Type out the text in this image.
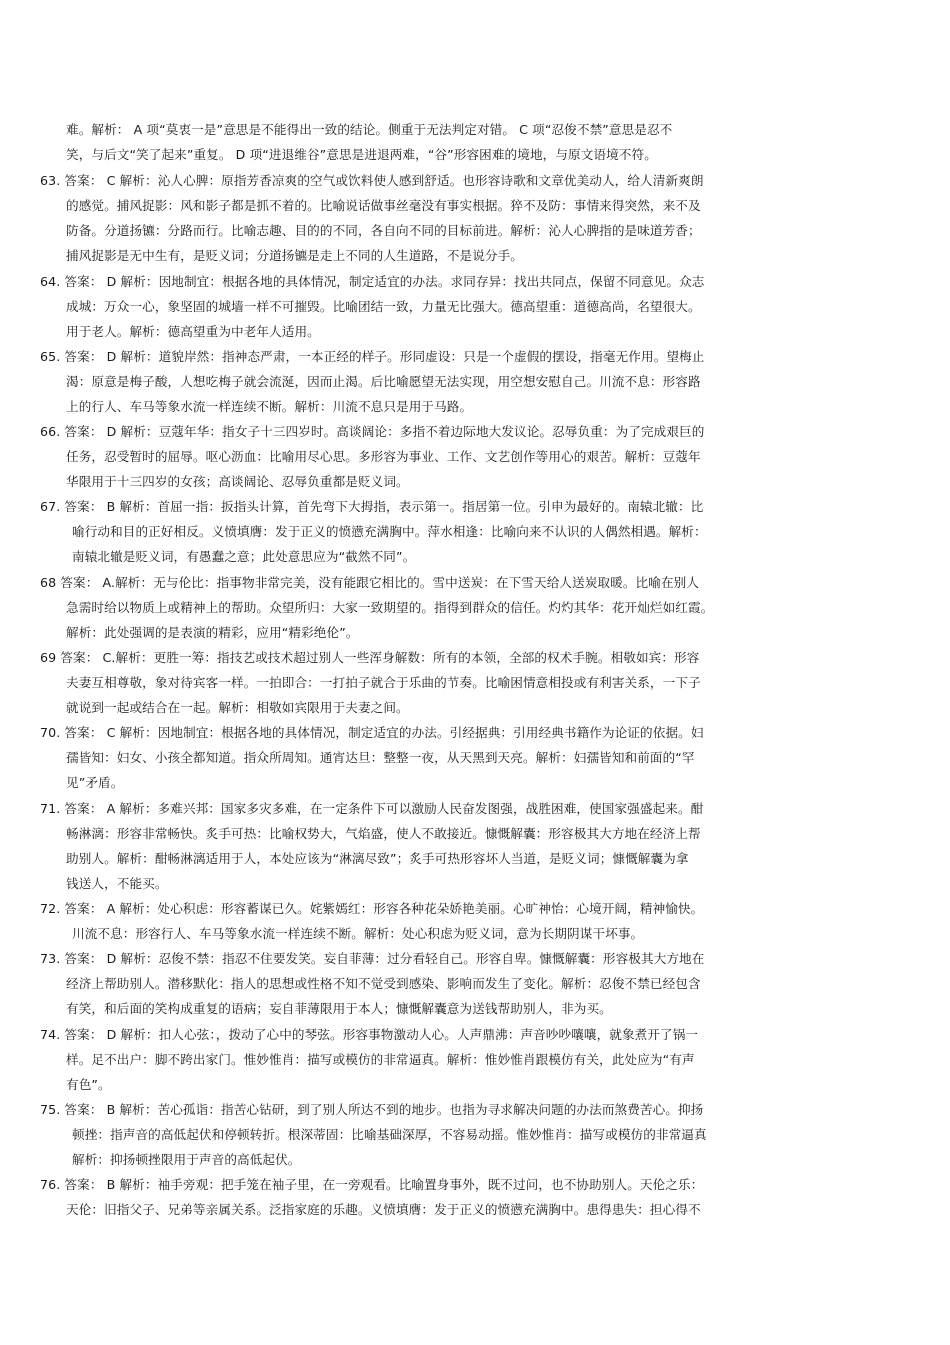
难。解析： A 项“莫衷一是”意思是不能得出一致的结论。侧重于无法判定对错。 C 项“忍俊不禁”意思是忍不
笑，与后文“笑了起来”重复。 D 项“进退维谷”意思是进退两难，“谷”形容困难的境地，与原文语境不符。
63. 答案： C 解析：沁人心脾：原指芳香凉爽的空气或饮料使人感到舒适。也形容诗歌和文章优美动人，给人清新爽朗
的感觉。捕风捉影：风和影子都是抓不着的。比喻说话做事丝毫没有事实根据。猝不及防：事情来得突然，来不及
防备。分道扬镳：分路而行。比喻志趣、目的的不同，各自向不同的目标前进。解析：沁人心脾指的是味道芳香；
捕风捉影是无中生有，是贬义词；分道扬镳是走上不同的人生道路，不是说分手。
64. 答案： D 解析：因地制宜：根据各地的具体情况，制定适宜的办法。求同存异：找出共同点，保留不同意见。众志
成城：万众一心，象坚固的城墙一样不可摧毁。比喻团结一致，力量无比强大。德高望重：道德高尚，名望很大。
用于老人。解析：德高望重为中老年人适用。
65. 答案： D 解析：道貌岸然：指神态严肃，一本正经的样子。形同虚设：只是一个虚假的摆设，指毫无作用。望梅止
渴：原意是梅子酸，人想吃梅子就会流涎，因而止渴。后比喻愿望无法实现，用空想安慰自己。川流不息：形容路
上的行人、车马等象水流一样连续不断。解析：川流不息只是用于马路。
66. 答案： D 解析：豆蔻年华：指女子十三四岁时。高谈阔论：多指不着边际地大发议论。忍辱负重：为了完成艰巨的
任务，忍受暂时的屈辱。呕心沥血：比喻用尽心思。多形容为事业、工作、文艺创作等用心的艰苦。解析：豆蔻年
华限用于十三四岁的女孩；高谈阔论、忍辱负重都是贬义词。
67. 答案： B 解析：首屈一指：扳指头计算，首先弯下大拇指，表示第一。指居第一位。引申为最好的。南辕北辙：比
喻行动和目的正好相反。义愤填膺：发于正义的愤懑充满胸中。萍水相逢：比喻向来不认识的人偶然相遇。解析：
南辕北辙是贬义词，有愚蠢之意；此处意思应为“截然不同”。
68 答案： A.解析：无与伦比：指事物非常完美，没有能跟它相比的。雪中送炭：在下雪天给人送炭取暖。比喻在别人
急需时给以物质上或精神上的帮助。众望所归：大家一致期望的。指得到群众的信任。灼灼其华：花开灿烂如红霞。
解析：此处强调的是表演的精彩，应用“精彩绝伦”。
69 答案： C.解析：更胜一筹：指技艺或技术超过别人一些浑身解数：所有的本领，全部的权术手腕。相敬如宾：形容
夫妻互相尊敬，象对待宾客一样。一拍即合：一打拍子就合于乐曲的节奏。比喻困情意相投或有利害关系，一下子
就说到一起或结合在一起。解析：相敬如宾限用于夫妻之间。
70. 答案： C 解析：因地制宜：根据各地的具体情况，制定适宜的办法。引经据典：引用经典书籍作为论证的依据。妇
孺皆知：妇女、小孩全都知道。指众所周知。通宵达旦：整整一夜，从天黑到天亮。解析：妇孺皆知和前面的“罕
见”矛盾。
71. 答案： A 解析：多难兴邦：国家多灾多难，在一定条件下可以激励人民奋发图强，战胜困难，使国家强盛起来。酣
畅淋漓：形容非常畅快。炙手可热：比喻权势大，气焰盛，使人不敢接近。慷慨解囊：形容极其大方地在经济上帮
助别人。解析：酣畅淋漓适用于人，本处应该为“淋漓尽致”；炙手可热形容坏人当道，是贬义词；慷慨解囊为拿
钱送人，不能买。
72. 答案： A 解析：处心积虑：形容蓄谋已久。姹紫嫣红：形容各种花朵娇艳美丽。心旷神怡：心境开阔，精神愉快。
川流不息：形容行人、车马等象水流一样连续不断。解析：处心积虑为贬义词，意为长期阴谋干坏事。
73. 答案： D 解析：忍俊不禁：指忍不住要发笑。妄自菲薄：过分看轻自己。形容自卑。慷慨解囊：形容极其大方地在
经济上帮助别人。潜移默化：指人的思想或性格不知不觉受到感染、影响而发生了变化。解析：忍俊不禁已经包含
有笑，和后面的笑构成重复的语病；妄自菲薄限用于本人；慷慨解囊意为送钱帮助别人，非为买。
74. 答案： D 解析：扣人心弦：，拨动了心中的琴弦。形容事物激动人心。人声鼎沸：声音吵吵嚷嚷，就象煮开了锅一
样。足不出户：脚不跨出家门。惟妙惟肖：描写或模仿的非常逼真。解析：惟妙惟肖跟模仿有关，此处应为“有声
有色”。
75. 答案： B 解析：苦心孤诣：指苦心钻研，到了别人所达不到的地步。也指为寻求解决问题的办法而煞费苦心。抑扬
顿挫：指声音的高低起伏和停顿转折。根深蒂固：比喻基础深厚，不容易动摇。惟妙惟肖：描写或模仿的非常逼真
解析：抑扬顿挫限用于声音的高低起伏。
76. 答案： B 解析：袖手旁观：把手笼在袖子里，在一旁观看。比喻置身事外，既不过问，也不协助别人。天伦之乐：
天伦：旧指父子、兄弟等亲属关系。泛指家庭的乐趣。义愤填膺：发于正义的愤懑充满胸中。患得患失：担心得不
